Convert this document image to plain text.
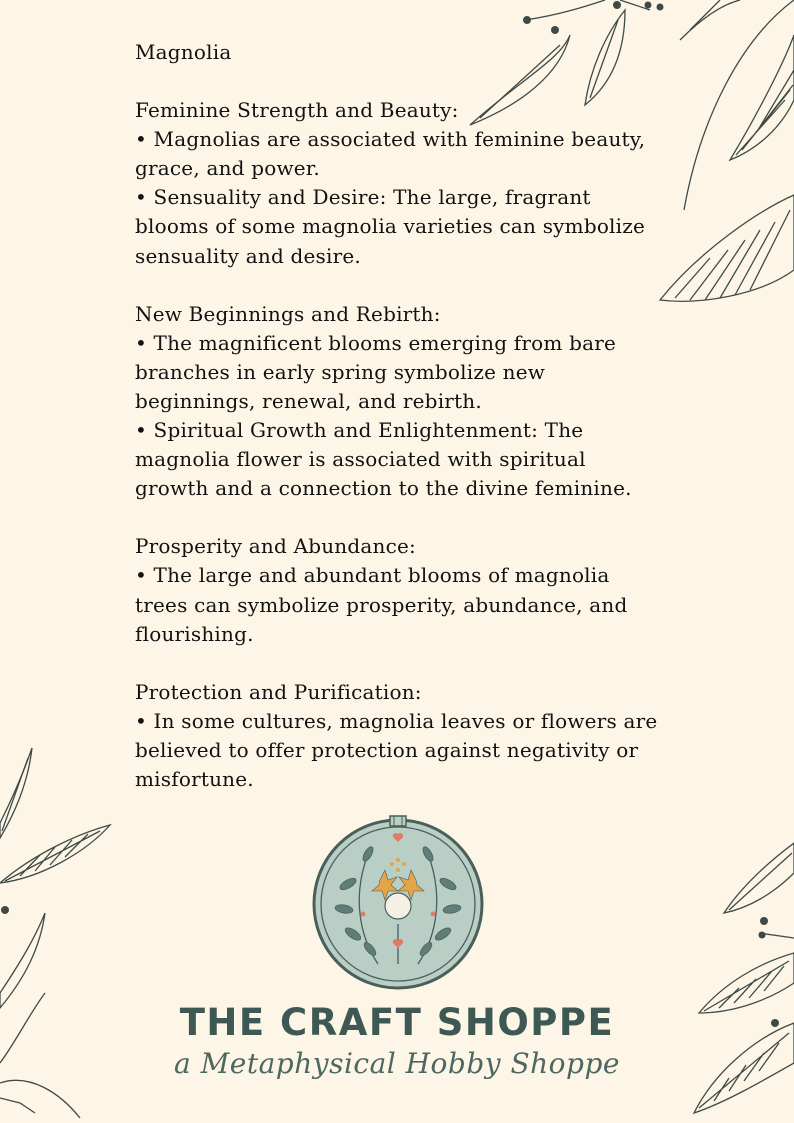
Magnolia

Feminine Strength and Beauty:

• Magnolias are associated with feminine beauty, grace, and power.

• Sensuality and Desire: The large, fragrant blooms of some magnolia varieties can symbolize sensuality and desire.

New Beginnings and Rebirth:

• The magnificent blooms emerging from bare branches in early spring symbolize new beginnings, renewal, and rebirth.

• Spiritual Growth and Enlightenment: The magnolia flower is associated with spiritual growth and a connection to the divine feminine.

Prosperity and Abundance:

• The large and abundant blooms of magnolia trees can symbolize prosperity, abundance, and flourishing.

Protection and Purification:

• In some cultures, magnolia leaves or flowers are believed to offer protection against negativity or misfortune.

THE CRAFT SHOPPE
a Metaphysical Hobby Shoppe
